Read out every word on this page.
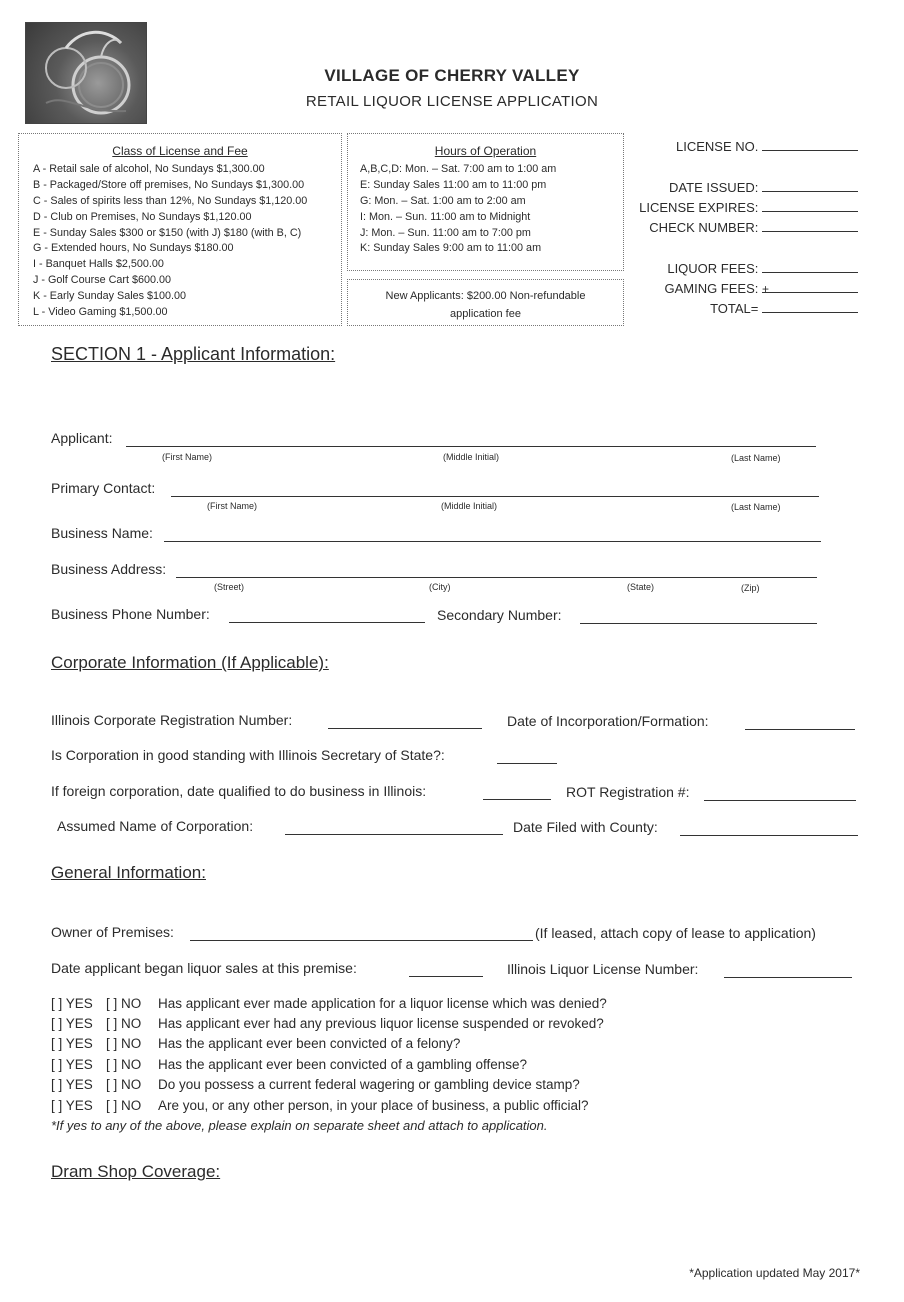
VILLAGE OF CHERRY VALLEY
RETAIL LIQUOR LICENSE APPLICATION
Class of License and Fee
A - Retail sale of alcohol, No Sundays $1,300.00
B - Packaged/Store off premises, No Sundays $1,300.00
C - Sales of spirits less than 12%, No Sundays $1,120.00
D - Club on Premises, No Sundays $1,120.00
E - Sunday Sales $300 or $150 (with J) $180 (with B, C)
G - Extended hours, No Sundays $180.00
I - Banquet Halls $2,500.00
J - Golf Course Cart $600.00
K - Early Sunday Sales $100.00
L - Video Gaming $1,500.00
Hours of Operation
A,B,C,D: Mon. – Sat. 7:00 am to 1:00 am
E: Sunday Sales 11:00 am to 11:00 pm
G: Mon. – Sat. 1:00 am to 2:00 am
I: Mon. – Sun. 11:00 am to Midnight
J: Mon. – Sun. 11:00 am to 7:00 pm
K: Sunday Sales 9:00 am to 11:00 am
New Applicants: $200.00 Non-refundable
application fee
LICENSE NO.
DATE ISSUED:
LICENSE EXPIRES:
CHECK NUMBER:
LIQUOR FEES:
GAMING FEES: +
TOTAL=
SECTION 1 - Applicant Information:
Applicant:
(First Name)	(Middle Initial)	(Last Name)
Primary Contact:
(First Name)	(Middle Initial)	(Last Name)
Business Name:
Business Address:
(Street)	(City)	(State)	(Zip)
Business Phone Number:	Secondary Number:
Corporate Information (If Applicable):
Illinois Corporate Registration Number:	Date of Incorporation/Formation:
Is Corporation in good standing with Illinois Secretary of State?:
If foreign corporation, date qualified to do business in Illinois:	ROT Registration #:
Assumed Name of Corporation:	Date Filed with County:
General Information:
Owner of Premises:	(If leased, attach copy of lease to application)
Date applicant began liquor sales at this premise:	Illinois Liquor License Number:
[ ] YES [ ] NO Has applicant ever made application for a liquor license which was denied?
[ ] YES [ ] NO Has applicant ever had any previous liquor license suspended or revoked?
[ ] YES [ ] NO Has the applicant ever been convicted of a felony?
[ ] YES [ ] NO Has the applicant ever been convicted of a gambling offense?
[ ] YES [ ] NO Do you possess a current federal wagering or gambling device stamp?
[ ] YES [ ] NO Are you, or any other person, in your place of business, a public official?
*If yes to any of the above, please explain on separate sheet and attach to application.
Dram Shop Coverage:
*Application updated May 2017*
